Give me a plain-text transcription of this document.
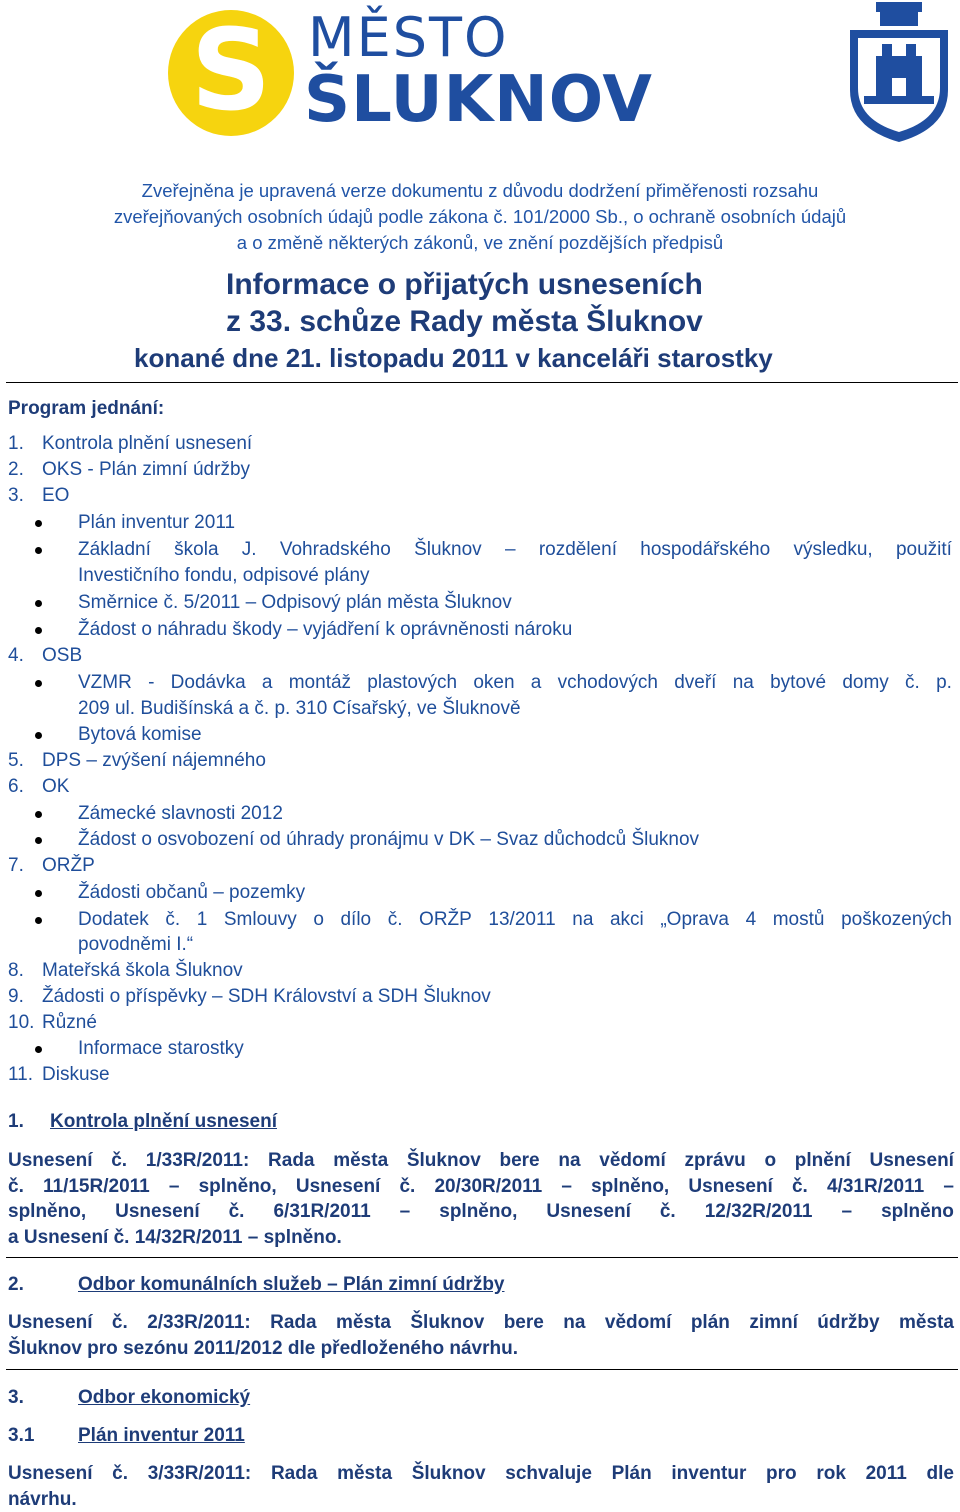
S MĚSTO
ŠLUKNOV
Zveřejněna je upravená verze dokumentu z důvodu dodržení přiměřenosti rozsahu
zveřejňovaných osobních údajů podle zákona č. 101/2000 Sb., o ochraně osobních údajů
a o změně některých zákonů, ve znění pozdějších předpisů
Informace o přijatých usneseních
z 33. schůze Rady města Šluknov
konané dne 21. listopadu 2011 v kanceláři starostky
Program jednání:
1. Kontrola plnění usnesení
2. OKS - Plán zimní údržby
3. EO
Plán inventur 2011
Základní škola J. Vohradského Šluknov – rozdělení hospodářského výsledku, použití
Investičního fondu, odpisové plány
Směrnice č. 5/2011 – Odpisový plán města Šluknov
Žádost o náhradu škody – vyjádření k oprávněnosti nároku
4. OSB
VZMR - Dodávka a montáž plastových oken a vchodových dveří na bytové domy č. p.
209 ul. Budišínská a č. p. 310 Císařský, ve Šluknově
Bytová komise
5. DPS – zvýšení nájemného
6. OK
Zámecké slavnosti 2012
Žádost o osvobození od úhrady pronájmu v DK – Svaz důchodců Šluknov
7. ORŽP
Žádosti občanů – pozemky
Dodatek č. 1 Smlouvy o dílo č. ORŽP 13/2011 na akci „Oprava 4 mostů poškozených
povodněmi I.“
8. Mateřská škola Šluknov
9. Žádosti o příspěvky – SDH Království a SDH Šluknov
10. Různé
Informace starostky
11. Diskuse
1. Kontrola plnění usnesení
Usnesení č. 1/33R/2011: Rada města Šluknov bere na vědomí zprávu o plnění Usnesení
č. 11/15R/2011 – splněno, Usnesení č. 20/30R/2011 – splněno, Usnesení č. 4/31R/2011 –
splněno, Usnesení č. 6/31R/2011 – splněno, Usnesení č. 12/32R/2011 – splněno
a Usnesení č. 14/32R/2011 – splněno.
2.	Odbor komunálních služeb – Plán zimní údržby
Usnesení č. 2/33R/2011: Rada města Šluknov bere na vědomí plán zimní údržby města
Šluknov pro sezónu 2011/2012 dle předloženého návrhu.
3.	Odbor ekonomický
3.1 Plán inventur 2011
Usnesení č. 3/33R/2011: Rada města Šluknov schvaluje Plán inventur pro rok 2011 dle
návrhu.
